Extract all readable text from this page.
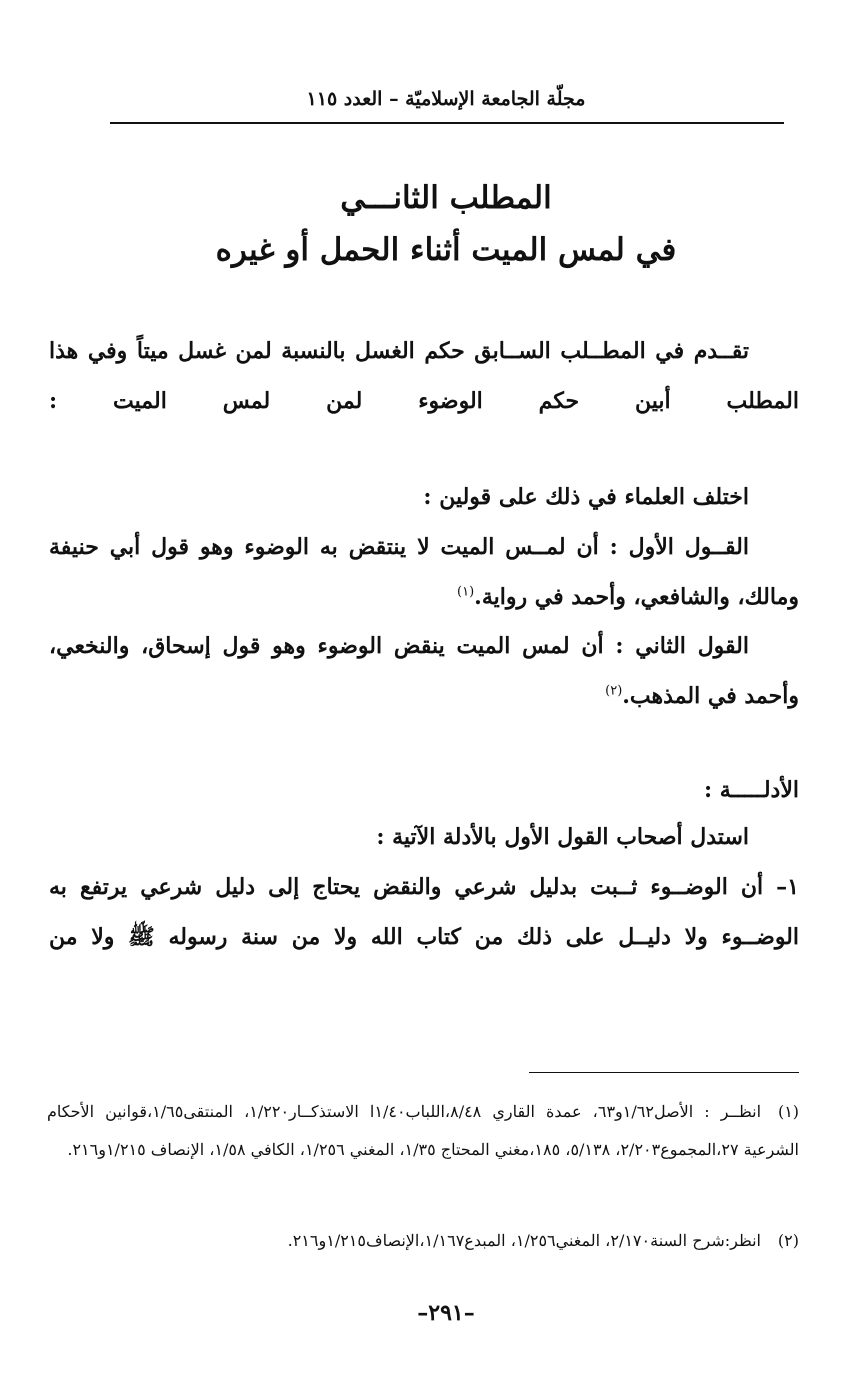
مجلّة الجامعة الإسلاميّة – العدد ١١٥
المطلب الثانـــي
في لمس الميت أثناء الحمل أو غيره

تقــدم في المطــلب الســابق حكم الغسل بالنسبة لمن غسل ميتاً وفي هذا المطلب أبين حكم الوضوء لمن لمس الميت :

اختلف العلماء في ذلك على قولين :

القــول الأول : أن لمــس الميت لا ينتقض به الوضوء وهو قول أبي حنيفة ومالك، والشافعي، وأحمد في رواية.$^{(١)}$

القول الثاني : أن لمس الميت ينقض الوضوء وهو قول إسحاق، والنخعي، وأحمد في المذهب.$^{(٢)}$

الأدلـــــة :

استدل أصحاب القول الأول بالأدلة الآتية :

١– أن الوضــوء ثــبت بدليل شرعي والنقض يحتاج إلى دليل شرعي يرتفع به الوضــوء ولا دليــل على ذلك من كتاب الله ولا من سنة رسوله ﷺ ولا من

(١)انظــر : الأصل١/٦٢و٦٣، عمدة القاري ٨/٤٨،اللباب١/٤٠ا الاستذكــار١/٢٢٠، المنتقى١/٦٥،قوانين الأحكام الشرعية ٢٧،المجموع٢/٢٠٣، ٥/١٣٨، ١٨٥،مغني المحتاج ١/٣٥، المغني ١/٢٥٦، الكافي ١/٥٨، الإنصاف ١/٢١٥و٢١٦.

(٢)انظر:شرح السنة٢/١٧٠، المغني١/٢٥٦، المبدع١/١٦٧،الإنصاف١/٢١٥و٢١٦.

–٢٩١–
